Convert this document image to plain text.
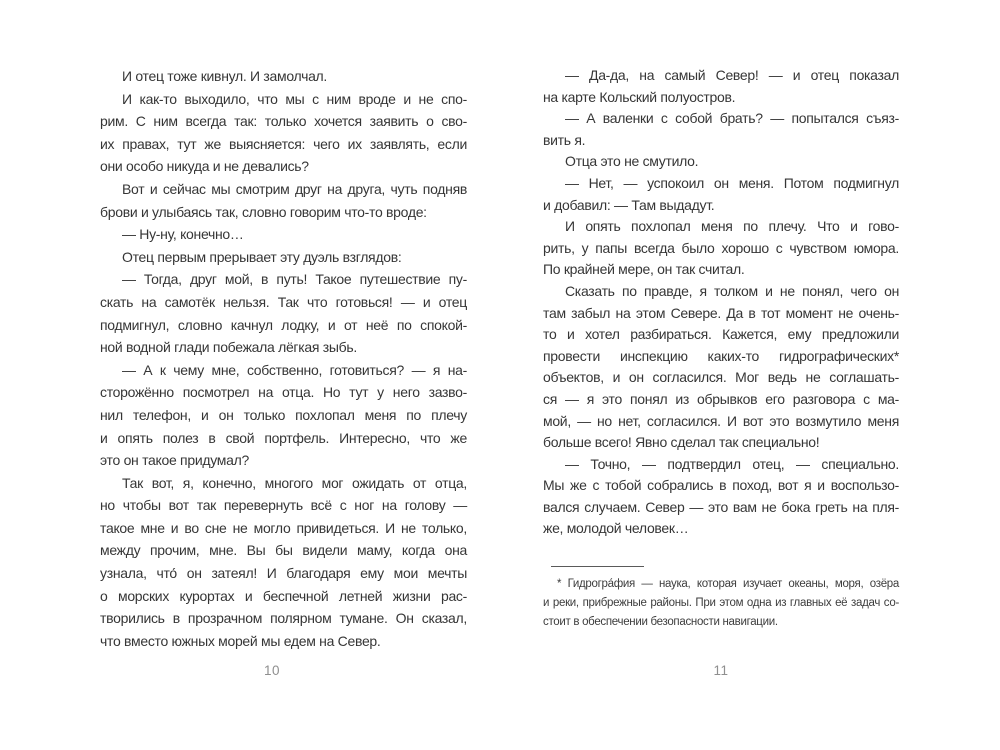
И отец тоже кивнул. И замолчал.
И как-то выходило, что мы с ним вроде и не спо-
рим. С ним всегда так: только хочется заявить о сво-
их правах, тут же выясняется: чего их заявлять, если
они особо никуда и не девались?
Вот и сейчас мы смотрим друг на друга, чуть подняв
брови и улыбаясь так, словно говорим что-то вроде:
— Ну-ну, конечно…
Отец первым прерывает эту дуэль взглядов:
— Тогда, друг мой, в путь! Такое путешествие пу-
скать на самотёк нельзя. Так что готовься! — и отец
подмигнул, словно качнул лодку, и от неё по спокой-
ной водной глади побежала лёгкая зыбь.
— А к чему мне, собственно, готовиться? — я на-
сторожённо посмотрел на отца. Но тут у него зазво-
нил телефон, и он только похлопал меня по плечу
и опять полез в свой портфель. Интересно, что же
это он такое придумал?
Так вот, я, конечно, многого мог ожидать от отца,
но чтобы вот так перевернуть всё с ног на голову —
такое мне и во сне не могло привидеться. И не только,
между прочим, мне. Вы бы видели маму, когда она
узнала, что́ он затеял! И благодаря ему мои мечты
о морских курортах и беспечной летней жизни рас-
творились в прозрачном полярном тумане. Он сказал,
что вместо южных морей мы едем на Север.
— Да-да, на самый Север! — и отец показал
на карте Кольский полуостров.
— А валенки с собой брать? — попытался съяз-
вить я.
Отца это не смутило.
— Нет, — успокоил он меня. Потом подмигнул
и добавил: — Там выдадут.
И опять похлопал меня по плечу. Что и гово-
рить, у папы всегда было хорошо с чувством юмора.
По крайней мере, он так считал.
Сказать по правде, я толком и не понял, чего он
там забыл на этом Севере. Да в тот момент не очень-
то и хотел разбираться. Кажется, ему предложили
провести инспекцию каких-то гидрографических*
объектов, и он согласился. Мог ведь не соглашать-
ся — я это понял из обрывков его разговора с ма-
мой, — но нет, согласился. И вот это возмутило меня
больше всего! Явно сделал так специально!
— Точно, — подтвердил отец, — специально.
Мы же с тобой собрались в поход, вот я и воспользо-
вался случаем. Север — это вам не бока греть на пля-
же, молодой человек…
* Гидрогра́фия — наука, которая изучает океаны, моря, озёра
и реки, прибрежные районы. При этом одна из главных её задач со-
стоит в обеспечении безопасности навигации.
10	11
